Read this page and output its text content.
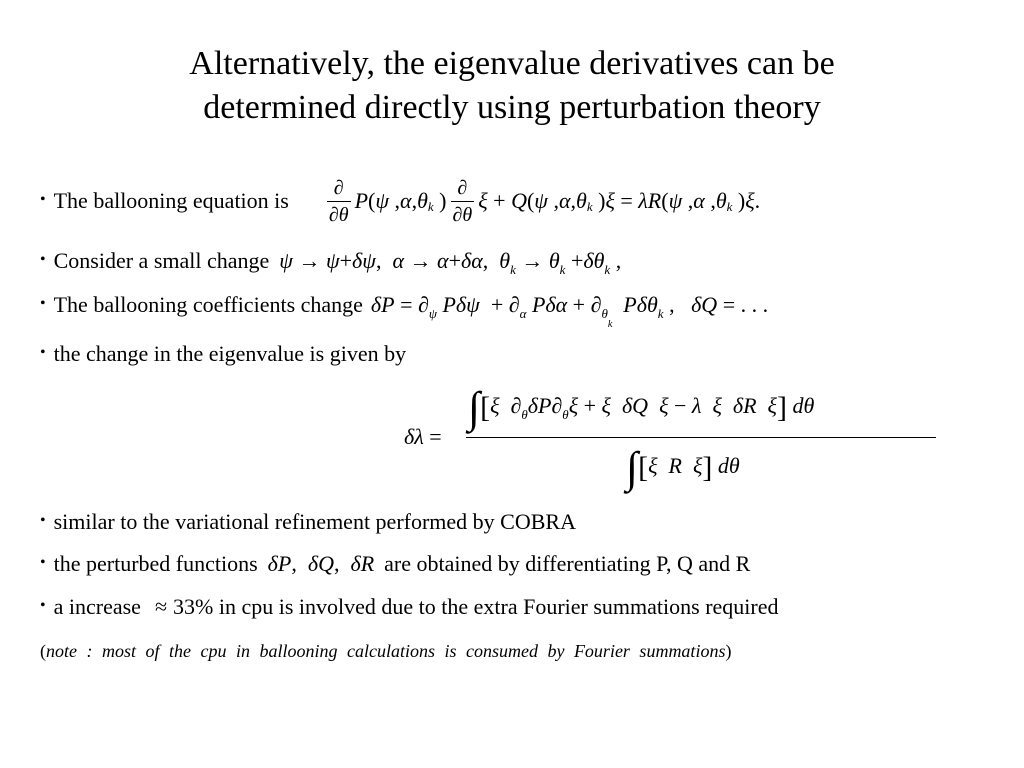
Alternatively, the eigenvalue derivatives can be
determined directly using perturbation theory
• The ballooning equation is $\frac{\partial}{\partial\theta}$ P ( ψ , α , θ k ) $\frac{\partial}{\partial\theta}$ ξ + Q ( ψ , α , θ k ) ξ = λR ( ψ , α , θ k ) ξ .
• Consider a small change ψ → ψ+δψ,  α → α+δα,  $\theta_k \to \theta_k +\delta\theta_k$ ,
• The ballooning coefficients change $\delta P = \partial_\psi$ $P\delta\psi + \partial_\alpha$ $P\delta\alpha + \partial_{\theta_k}$  Pδθ$_k$ ,   δQ = . . .
• the change in the eigenvalue is given by
δλ =
∫[ξ $\partial_\theta\delta P\partial_\theta\xi + \xi$ δQ ξ − λ ξ δR ξ] dθ
∫[ξ R ξ] dθ
• similar to the variational refinement performed by COBRA
• the perturbed functions δP,  δQ,  δR are obtained by differentiating P, Q and R
• a increase ≈ 33% in cpu is involved due to the extra Fourier summations required
(note : most of the cpu in ballooning calculations is consumed by Fourier summations)
